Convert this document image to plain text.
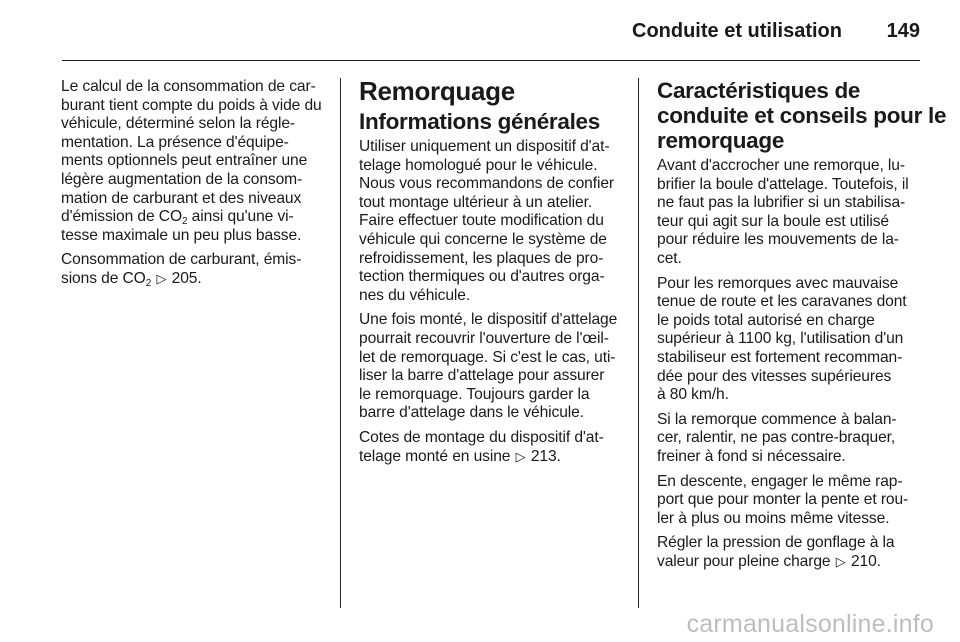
Conduite et utilisation 149

Le calcul de la consommation de car-
burant tient compte du poids à vide du
véhicule, déterminé selon la régle-
mentation. La présence d'équipe-
ments optionnels peut entraîner une
légère augmentation de la consom-
mation de carburant et des niveaux
d'émission de $CO_2$ ainsi qu'une vi-
tesse maximale un peu plus basse.

Consommation de carburant, émis-
sions de $CO_2$ ▷ 205.

Remorquage
Informations générales

Utiliser uniquement un dispositif d'at-
telage homologué pour le véhicule.
Nous vous recommandons de confier
tout montage ultérieur à un atelier.
Faire effectuer toute modification du
véhicule qui concerne le système de
refroidissement, les plaques de pro-
tection thermiques ou d'autres orga-
nes du véhicule.

Une fois monté, le dispositif d'attelage
pourrait recouvrir l'ouverture de l'œil-
let de remorquage. Si c'est le cas, uti-
liser la barre d'attelage pour assurer
le remorquage. Toujours garder la
barre d'attelage dans le véhicule.

Cotes de montage du dispositif d'at-
telage monté en usine ▷ 213.

Caractéristiques de
conduite et conseils pour le
remorquage

Avant d'accrocher une remorque, lu-
brifier la boule d'attelage. Toutefois, il
ne faut pas la lubrifier si un stabilisa-
teur qui agit sur la boule est utilisé
pour réduire les mouvements de la-
cet.

Pour les remorques avec mauvaise
tenue de route et les caravanes dont
le poids total autorisé en charge
supérieur à 1100 kg, l'utilisation d'un
stabiliseur est fortement recomman-
dée pour des vitesses supérieures
à 80 km/h.

Si la remorque commence à balan-
cer, ralentir, ne pas contre-braquer,
freiner à fond si nécessaire.

En descente, engager le même rap-
port que pour monter la pente et rou-
ler à plus ou moins même vitesse.

Régler la pression de gonflage à la
valeur pour pleine charge ▷ 210.

carmanualsonline.info
